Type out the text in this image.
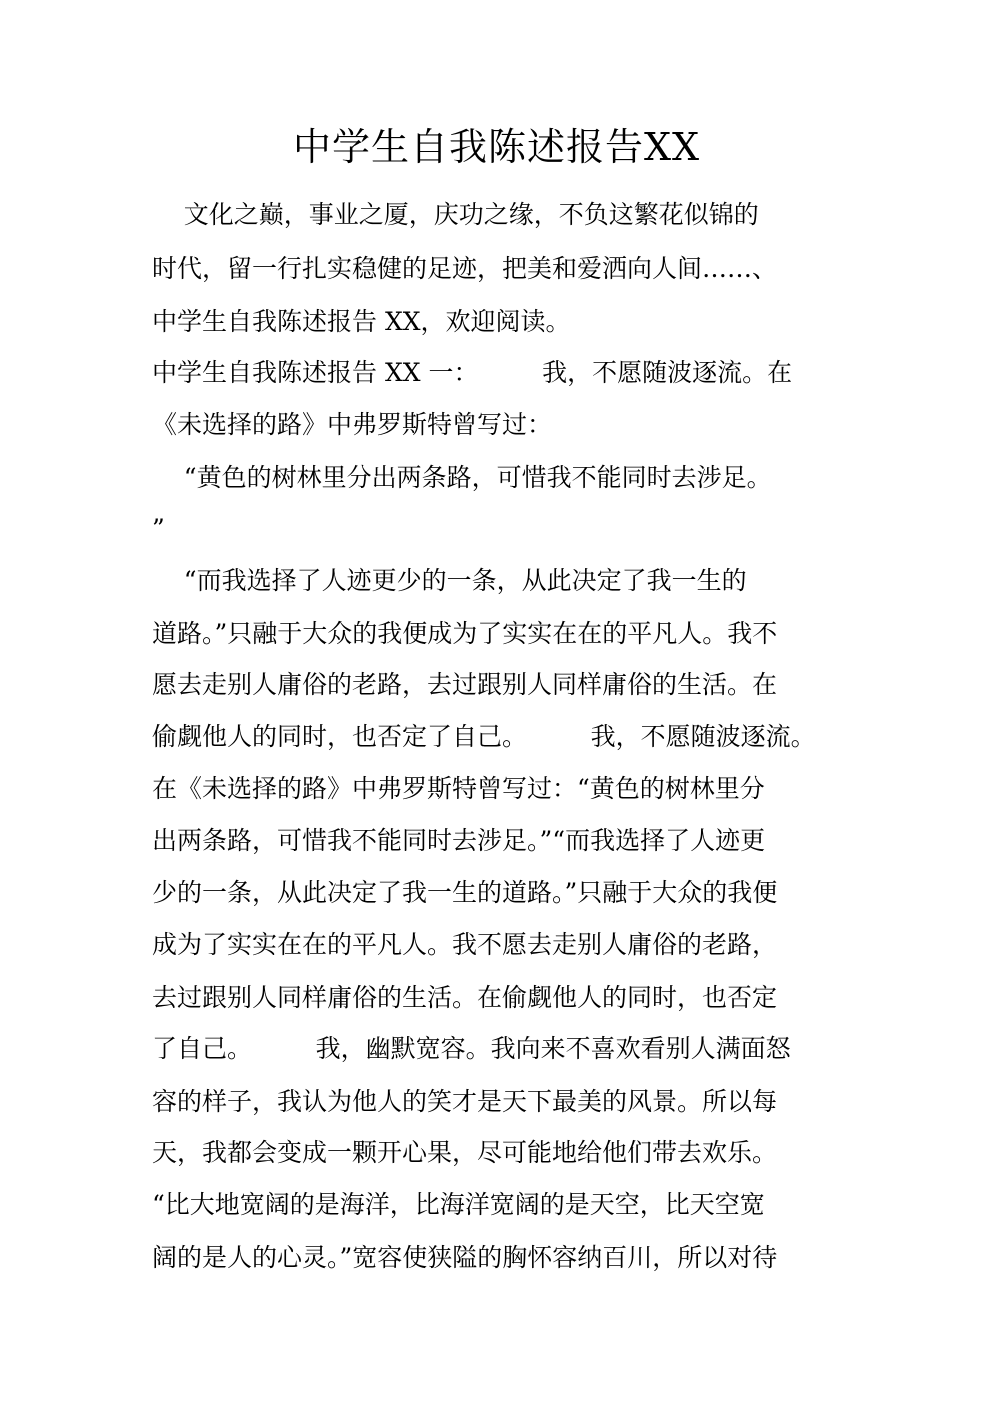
中学生自我陈述报告XX
文化之巅，事业之厦，庆功之缘，不负这繁花似锦的
时代，留一行扎实稳健的足迹，把美和爱洒向人间……、
中学生自我陈述报告 XX，欢迎阅读。
中学生自我陈述报告 XX 一：        我，不愿随波逐流。在
《未选择的路》中弗罗斯特曾写过：
“黄色的树林里分出两条路，可惜我不能同时去涉足。
”
“而我选择了人迹更少的一条，从此决定了我一生的
道路。”只融于大众的我便成为了实实在在的平凡人。我不
愿去走别人庸俗的老路，去过跟别人同样庸俗的生活。在
偷觑他人的同时，也否定了自己。        我，不愿随波逐流。
在《未选择的路》中弗罗斯特曾写过：“黄色的树林里分
出两条路，可惜我不能同时去涉足。”“而我选择了人迹更
少的一条，从此决定了我一生的道路。”只融于大众的我便
成为了实实在在的平凡人。我不愿去走别人庸俗的老路，
去过跟别人同样庸俗的生活。在偷觑他人的同时，也否定
了自己。        我，幽默宽容。我向来不喜欢看别人满面怒
容的样子，我认为他人的笑才是天下最美的风景。所以每
天，我都会变成一颗开心果，尽可能地给他们带去欢乐。
“比大地宽阔的是海洋，比海洋宽阔的是天空，比天空宽
阔的是人的心灵。”宽容使狭隘的胸怀容纳百川，所以对待
